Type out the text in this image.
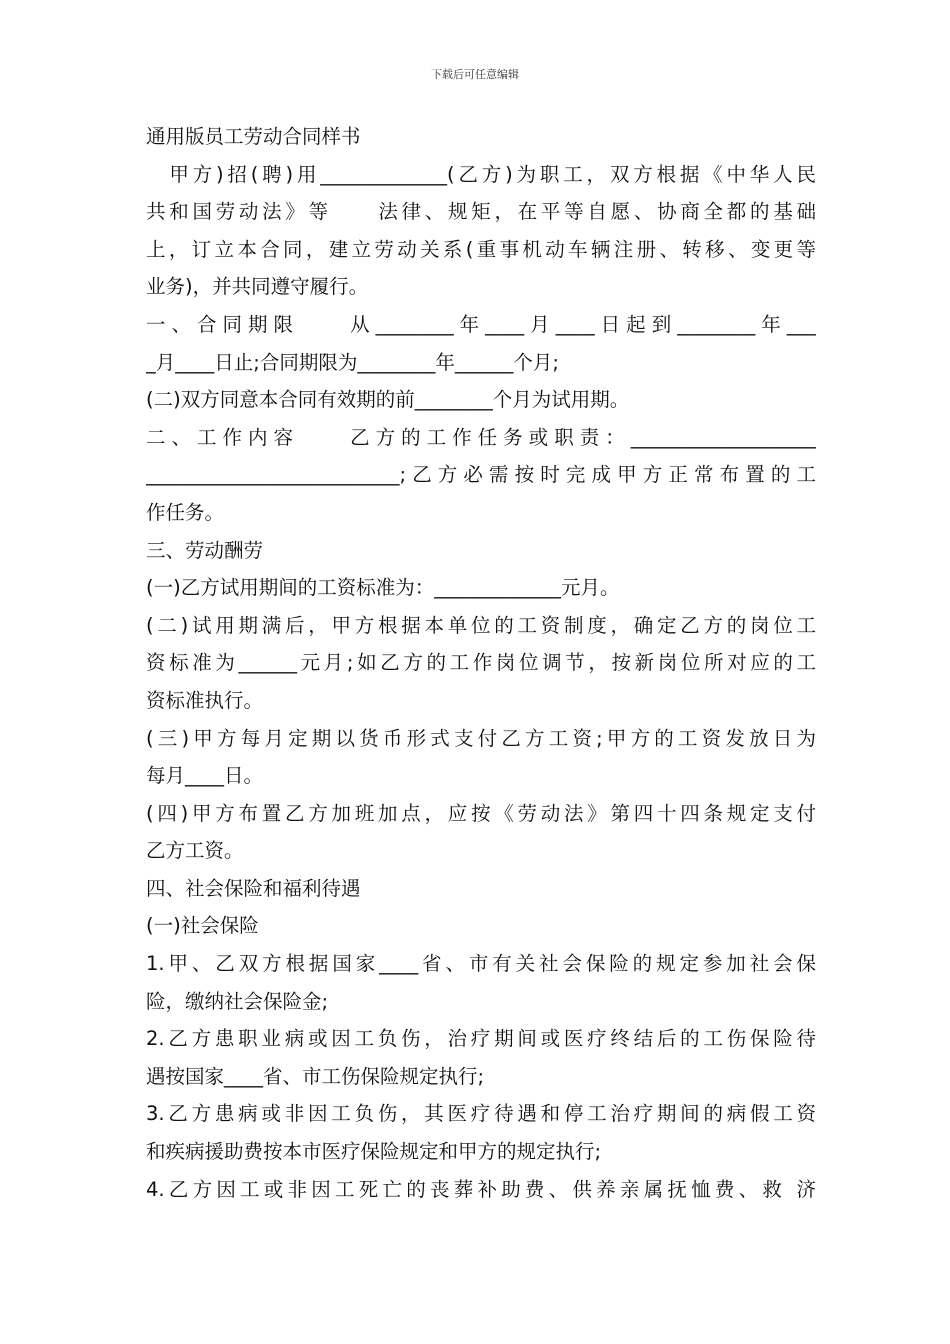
下载后可任意编辑
通用版员工劳动合同样书
　甲方)招(聘)用_____________(乙方)为职工，双方根据《中华人民
共和国劳动法》等　　法律、规矩，在平等自愿、协商全都的基础
上，订立本合同，建立劳动关系(重事机动车辆注册、转移、变更等
业务)，并共同遵守履行。
一、合同期限　　从________年____月____日起到________年___
_月____日止;合同期限为________年______个月;
(二)双方同意本合同有效期的前________个月为试用期。
二、工作内容　　乙方的工作任务或职责：___________________
__________________________;乙方必需按时完成甲方正常布置的工
作任务。
三、劳动酬劳
(一)乙方试用期间的工资标准为：_____________元月。
(二)试用期满后，甲方根据本单位的工资制度，确定乙方的岗位工
资标准为______元月;如乙方的工作岗位调节，按新岗位所对应的工
资标准执行。
(三)甲方每月定期以货币形式支付乙方工资;甲方的工资发放日为
每月____日。
(四)甲方布置乙方加班加点，应按《劳动法》第四十四条规定支付
乙方工资。
四、社会保险和福利待遇
(一)社会保险
1.甲、乙双方根据国家____省、市有关社会保险的规定参加社会保
险，缴纳社会保险金;
2.乙方患职业病或因工负伤，治疗期间或医疗终结后的工伤保险待
遇按国家____省、市工伤保险规定执行;
3.乙方患病或非因工负伤，其医疗待遇和停工治疗期间的病假工资
和疾病援助费按本市医疗保险规定和甲方的规定执行;
4.乙方因工或非因工死亡的丧葬补助费、供养亲属抚恤费、救 济
